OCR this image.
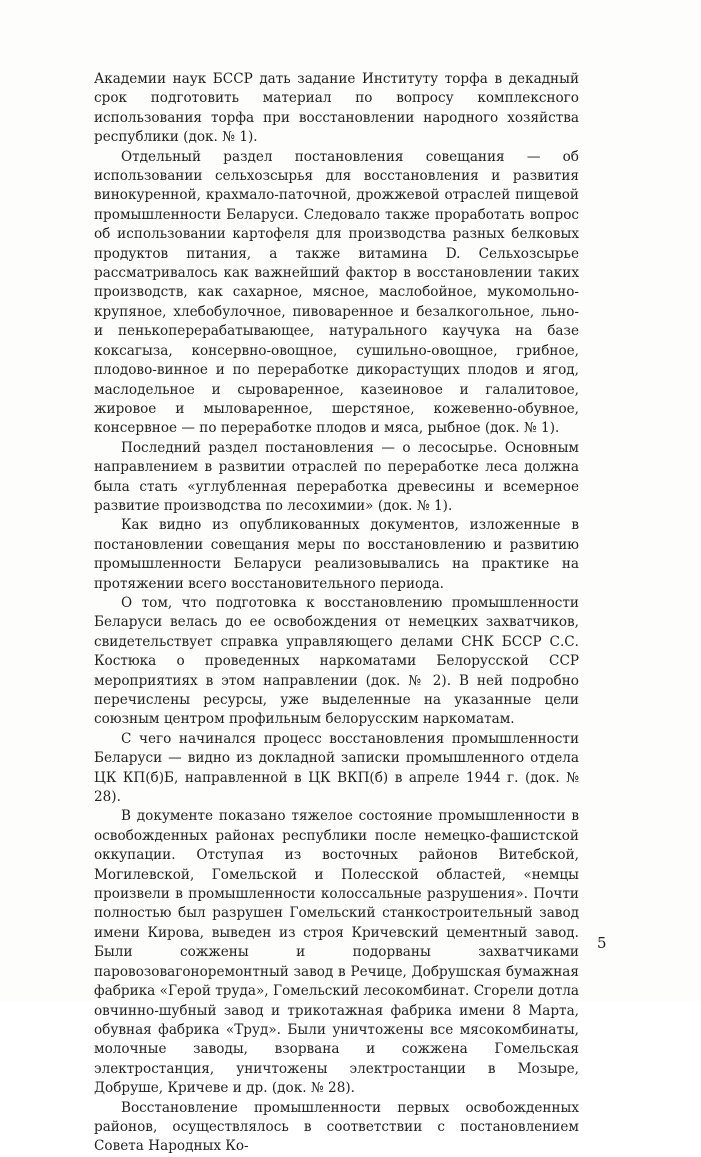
Академии наук БССР дать задание Институту торфа в декадный срок подготовить материал по вопросу комплексного использования торфа при восстановлении народного хозяйства республики (док. № 1).

Отдельный раздел постановления совещания — об использовании сельхозсырья для восстановления и развития винокуренной, крахмало-паточной, дрожжевой отраслей пищевой промышленности Беларуси. Следовало также проработать вопрос об использовании картофеля для производства разных белковых продуктов питания, а также витамина D. Сельхозсырье рассматривалось как важнейший фактор в восстановлении таких производств, как сахарное, мясное, маслобойное, мукомольно-крупяное, хлебобулочное, пивоваренное и безалкогольное, льно- и пенькоперерабатывающее, натурального каучука на базе коксагыза, консервно-овощное, сушильно-овощное, грибное, плодово-винное и по переработке дикорастущих плодов и ягод, маслодельное и сыроваренное, казеиновое и галалитовое, жировое и мыловаренное, шерстяное, кожевенно-обувное, консервное — по переработке плодов и мяса, рыбное (док. № 1).

Последний раздел постановления — о лесосырье. Основным направлением в развитии отраслей по переработке леса должна была стать «углубленная переработка древесины и всемерное развитие производства по лесохимии» (док. № 1).

Как видно из опубликованных документов, изложенные в постановлении совещания меры по восстановлению и развитию промышленности Беларуси реализовывались на практике на протяжении всего восстановительного периода.

О том, что подготовка к восстановлению промышленности Беларуси велась до ее освобождения от немецких захватчиков, свидетельствует справка управляющего делами СНК БССР С.С. Костюка о проведенных наркоматами Белорусской ССР мероприятиях в этом направлении (док. № 2). В ней подробно перечислены ресурсы, уже выделенные на указанные цели союзным центром профильным белорусским наркоматам.

С чего начинался процесс восстановления промышленности Беларуси — видно из докладной записки промышленного отдела ЦК КП(б)Б, направленной в ЦК ВКП(б) в апреле 1944 г. (док. № 28).

В документе показано тяжелое состояние промышленности в освобожденных районах республики после немецко-фашистской оккупации. Отступая из восточных районов Витебской, Могилевской, Гомельской и Полесской областей, «немцы произвели в промышленности колоссальные разрушения». Почти полностью был разрушен Гомельский станкостроительный завод имени Кирова, выведен из строя Кричевский цементный завод. Были сожжены и подорваны захватчиками паровозовагоноремонтный завод в Речице, Добрушская бумажная фабрика «Герой труда», Гомельский лесокомбинат. Сгорели дотла овчинно-шубный завод и трикотажная фабрика имени 8 Марта, обувная фабрика «Труд». Были уничтожены все мясокомбинаты, молочные заводы, взорвана и сожжена Гомельская электростанция, уничтожены электростанции в Мозыре, Добруше, Кричеве и др. (док. № 28).

Восстановление промышленности первых освобожденных районов, осуществлялось в соответствии с постановлением Совета Народных Ко-

5
